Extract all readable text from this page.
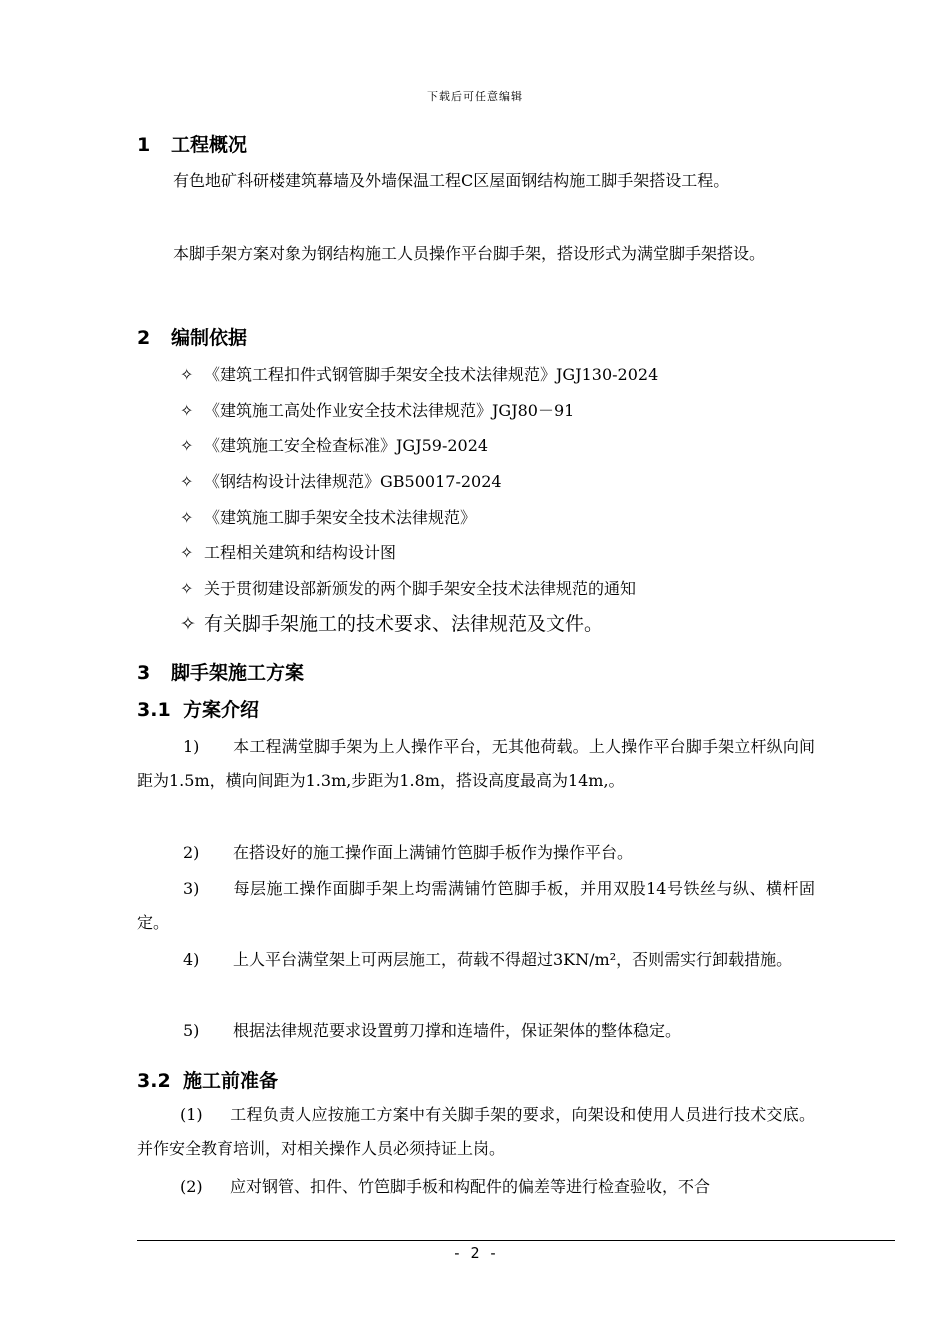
下载后可任意编辑
1 工程概况
有色地矿科研楼建筑幕墙及外墙保温工程C区屋面钢结构施工脚手架搭设工程。
本脚手架方案对象为钢结构施工人员操作平台脚手架，搭设形式为满堂脚手架搭设。
2 编制依据
✧ 《建筑工程扣件式钢管脚手架安全技术法律规范》JGJ130-2024
✧ 《建筑施工高处作业安全技术法律规范》JGJ80－91
✧ 《建筑施工安全检查标准》JGJ59-2024
✧ 《钢结构设计法律规范》GB50017-2024
✧ 《建筑施工脚手架安全技术法律规范》
✧ 工程相关建筑和结构设计图
✧ 关于贯彻建设部新颁发的两个脚手架安全技术法律规范的通知
✧ 有关脚手架施工的技术要求、法律规范及文件。
3 脚手架施工方案
3.1 方案介绍
1) 本工程满堂脚手架为上人操作平台，无其他荷载。上人操作平台脚手架立杆纵向间距为1.5m，横向间距为1.3m,步距为1.8m，搭设高度最高为14m,。
2) 在搭设好的施工操作面上满铺竹笆脚手板作为操作平台。
3) 每层施工操作面脚手架上均需满铺竹笆脚手板，并用双股14号铁丝与纵、横杆固定。
4) 上人平台满堂架上可两层施工，荷载不得超过3KN/m²，否则需实行卸载措施。
5) 根据法律规范要求设置剪刀撑和连墙件，保证架体的整体稳定。
3.2 施工前准备
(1) 工程负责人应按施工方案中有关脚手架的要求，向架设和使用人员进行技术交底。并作安全教育培训，对相关操作人员必须持证上岗。
(2) 应对钢管、扣件、竹笆脚手板和构配件的偏差等进行检查验收，不合
- 2 -
